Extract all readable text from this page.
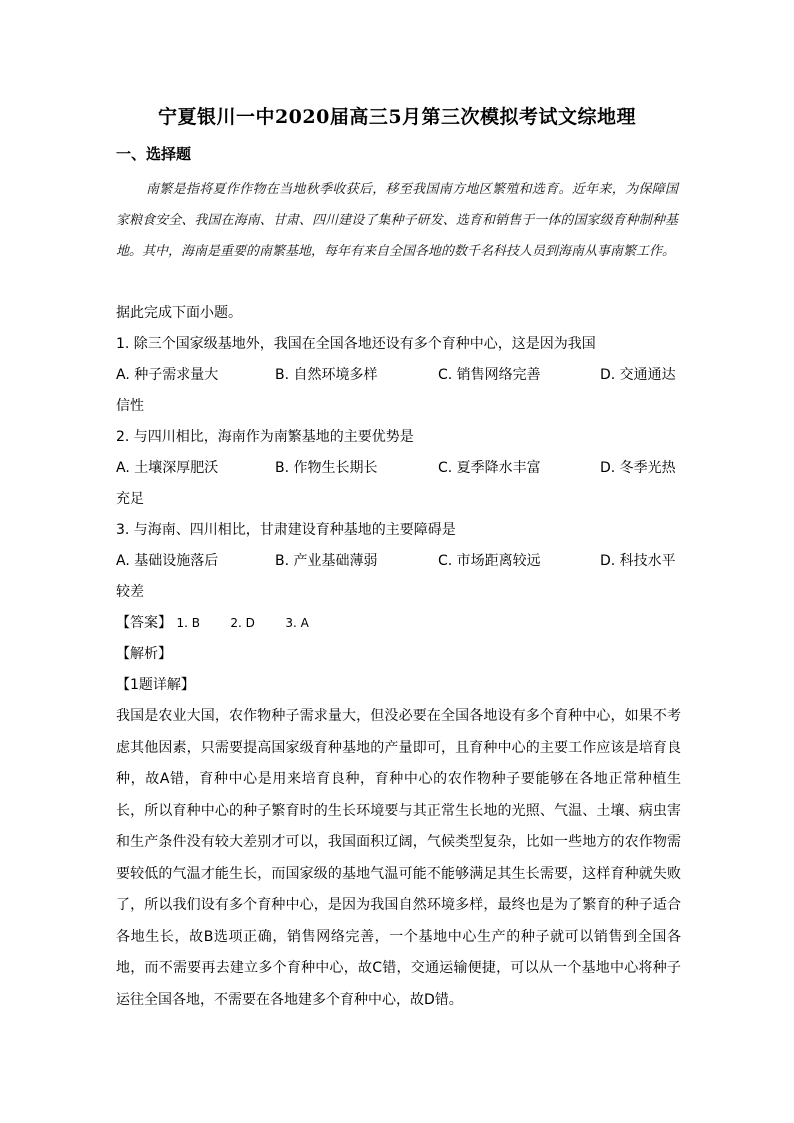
宁夏银川一中2020届高三5月第三次模拟考试文综地理
一、选择题
南繁是指将夏作作物在当地秋季收获后，移至我国南方地区繁殖和选育。近年来，为保障国家粮食安全、我国在海南、甘肃、四川建设了集种子研发、选育和销售于一体的国家级育种制种基地。其中，海南是重要的南繁基地，每年有来自全国各地的数千名科技人员到海南从事南繁工作。
据此完成下面小题。
1. 除三个国家级基地外，我国在全国各地还设有多个育种中心，这是因为我国
A. 种子需求量大	B. 自然环境多样	C. 销售网络完善	D. 交通通达
信性
2. 与四川相比，海南作为南繁基地的主要优势是
A. 土壤深厚肥沃	B. 作物生长期长	C. 夏季降水丰富	D. 冬季光热
充足
3. 与海南、四川相比，甘肃建设育种基地的主要障碍是
A. 基础设施落后	B. 产业基础薄弱	C. 市场距离较远	D. 科技水平
较差
【答案】 1. B	2. D	3. A
【解析】
【1题详解】
我国是农业大国，农作物种子需求量大，但没必要在全国各地设有多个育种中心，如果不考虑其他因素，只需要提高国家级育种基地的产量即可，且育种中心的主要工作应该是培育良种，故A错，育种中心是用来培育良种，育种中心的农作物种子要能够在各地正常种植生长，所以育种中心的种子繁育时的生长环境要与其正常生长地的光照、气温、土壤、病虫害和生产条件没有较大差别才可以，我国面积辽阔，气候类型复杂，比如一些地方的农作物需要较低的气温才能生长，而国家级的基地气温可能不能够满足其生长需要，这样育种就失败了，所以我们设有多个育种中心，是因为我国自然环境多样，最终也是为了繁育的种子适合各地生长，故B选项正确，销售网络完善，一个基地中心生产的种子就可以销售到全国各地，而不需要再去建立多个育种中心，故C错，交通运输便捷，可以从一个基地中心将种子运往全国各地，不需要在各地建多个育种中心，故D错。
